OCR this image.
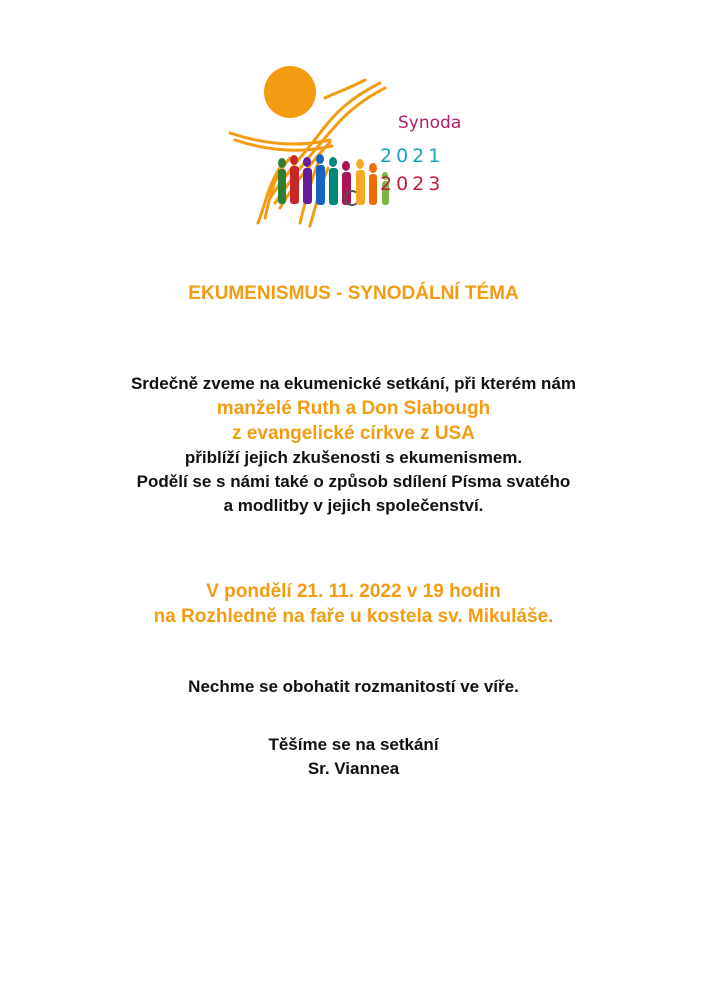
Synoda
2021
2023
EKUMENISMUS - SYNODÁLNÍ TÉMA
Srdečně zveme na ekumenické setkání, při kterém nám
manželé Ruth a Don Slabough
z evangelické církve z USA
přiblíží jejich zkušenosti s ekumenismem.
Podělí se s námi také o způsob sdílení Písma svatého
a modlitby v jejich společenství.
V pondělí 21. 11. 2022 v 19 hodin
na Rozhledně na faře u kostela sv. Mikuláše.
Nechme se obohatit rozmanitostí ve víře.
Těšíme se na setkání
Sr. Viannea
